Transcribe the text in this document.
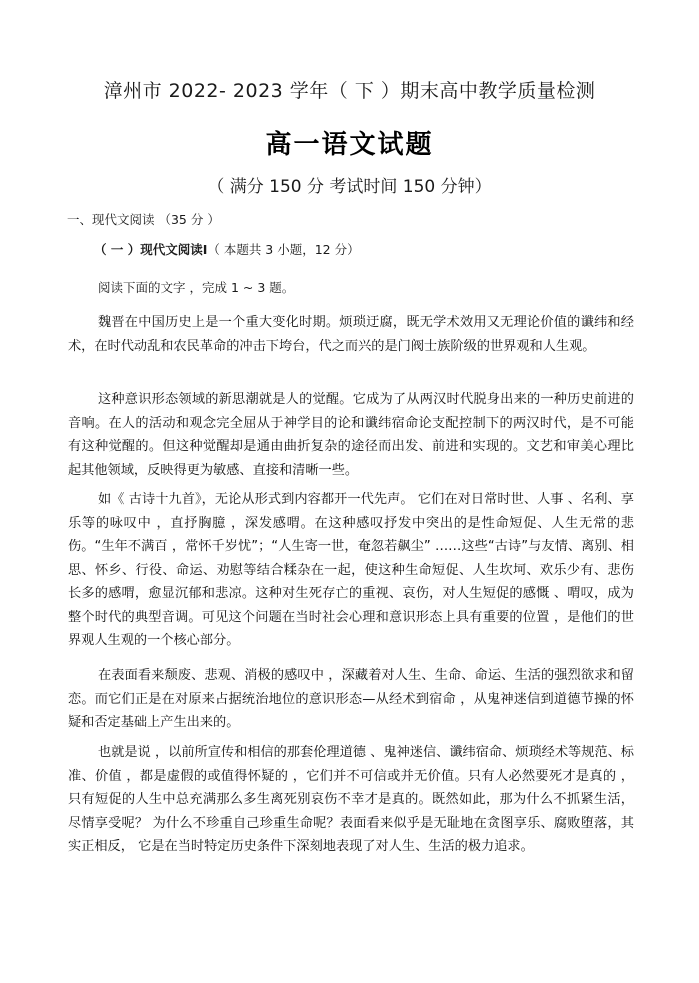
漳州市 2022- 2023 学年（ 下 ）期末高中教学质量检测
高一语文试题
（ 满分 150 分 考试时间 150 分钟）
一、现代文阅读 （35 分 ）
（ 一 ）现代文阅读Ⅰ（ 本题共 3 小题，12 分）
阅读下面的文字 ，完成 1 ~ 3 题。

魏晋在中国历史上是一个重大变化时期。烦琐迂腐，既无学术效用又无理论价值的谶纬和经术，在时代动乱和农民革命的冲击下垮台，代之而兴的是门阀士族阶级的世界观和人生观。

这种意识形态领域的新思潮就是人的觉醒。它成为了从两汉时代脱身出来的一种历史前进的音响。在人的活动和观念完全屈从于神学目的论和谶纬宿命论支配控制下的两汉时代，是不可能有这种觉醒的。但这种觉醒却是通由曲折复杂的途径而出发、前进和实现的。文艺和审美心理比起其他领域，反映得更为敏感、直接和清晰一些。

如《 古诗十九首》，无论从形式到内容都开一代先声。 它们在对日常时世、人事 、名利、享乐等的咏叹中 ，直抒胸臆 ，深发感喟。在这种感叹抒发中突出的是性命短促、人生无常的悲伤。“生年不满百 ，常怀千岁忧”；“人生寄一世，奄忽若飙尘” ……这些“古诗”与友情、离别、相思、怀乡、行役、命运、劝慰等结合糅杂在一起，使这种生命短促、人生坎坷、欢乐少有、悲伤长多的感喟，愈显沉郁和悲凉。这种对生死存亡的重视、哀伤，对人生短促的感慨 、喟叹，成为整个时代的典型音调。可见这个问题在当时社会心理和意识形态上具有重要的位置 ，是他们的世界观人生观的一个核心部分。

在表面看来颓废、悲观、消极的感叹中 ，深藏着对人生、生命、命运、生活的强烈欲求和留恋。而它们正是在对原来占据统治地位的意识形态—从经术到宿命 ，从鬼神迷信到道德节操的怀疑和否定基础上产生出来的。

也就是说 ，以前所宣传和相信的那套伦理道德 、鬼神迷信、谶纬宿命、烦琐经术等规范、标准、价值 ，都是虚假的或值得怀疑的 ，它们并不可信或并无价值。只有人必然要死才是真的 ，只有短促的人生中总充满那么多生离死别哀伤不幸才是真的。既然如此，那为什么不抓紧生活，尽情享受呢？ 为什么不珍重自己珍重生命呢？表面看来似乎是无耻地在贪图享乐、腐败堕落，其实正相反， 它是在当时特定历史条件下深刻地表现了对人生、生活的极力追求。
